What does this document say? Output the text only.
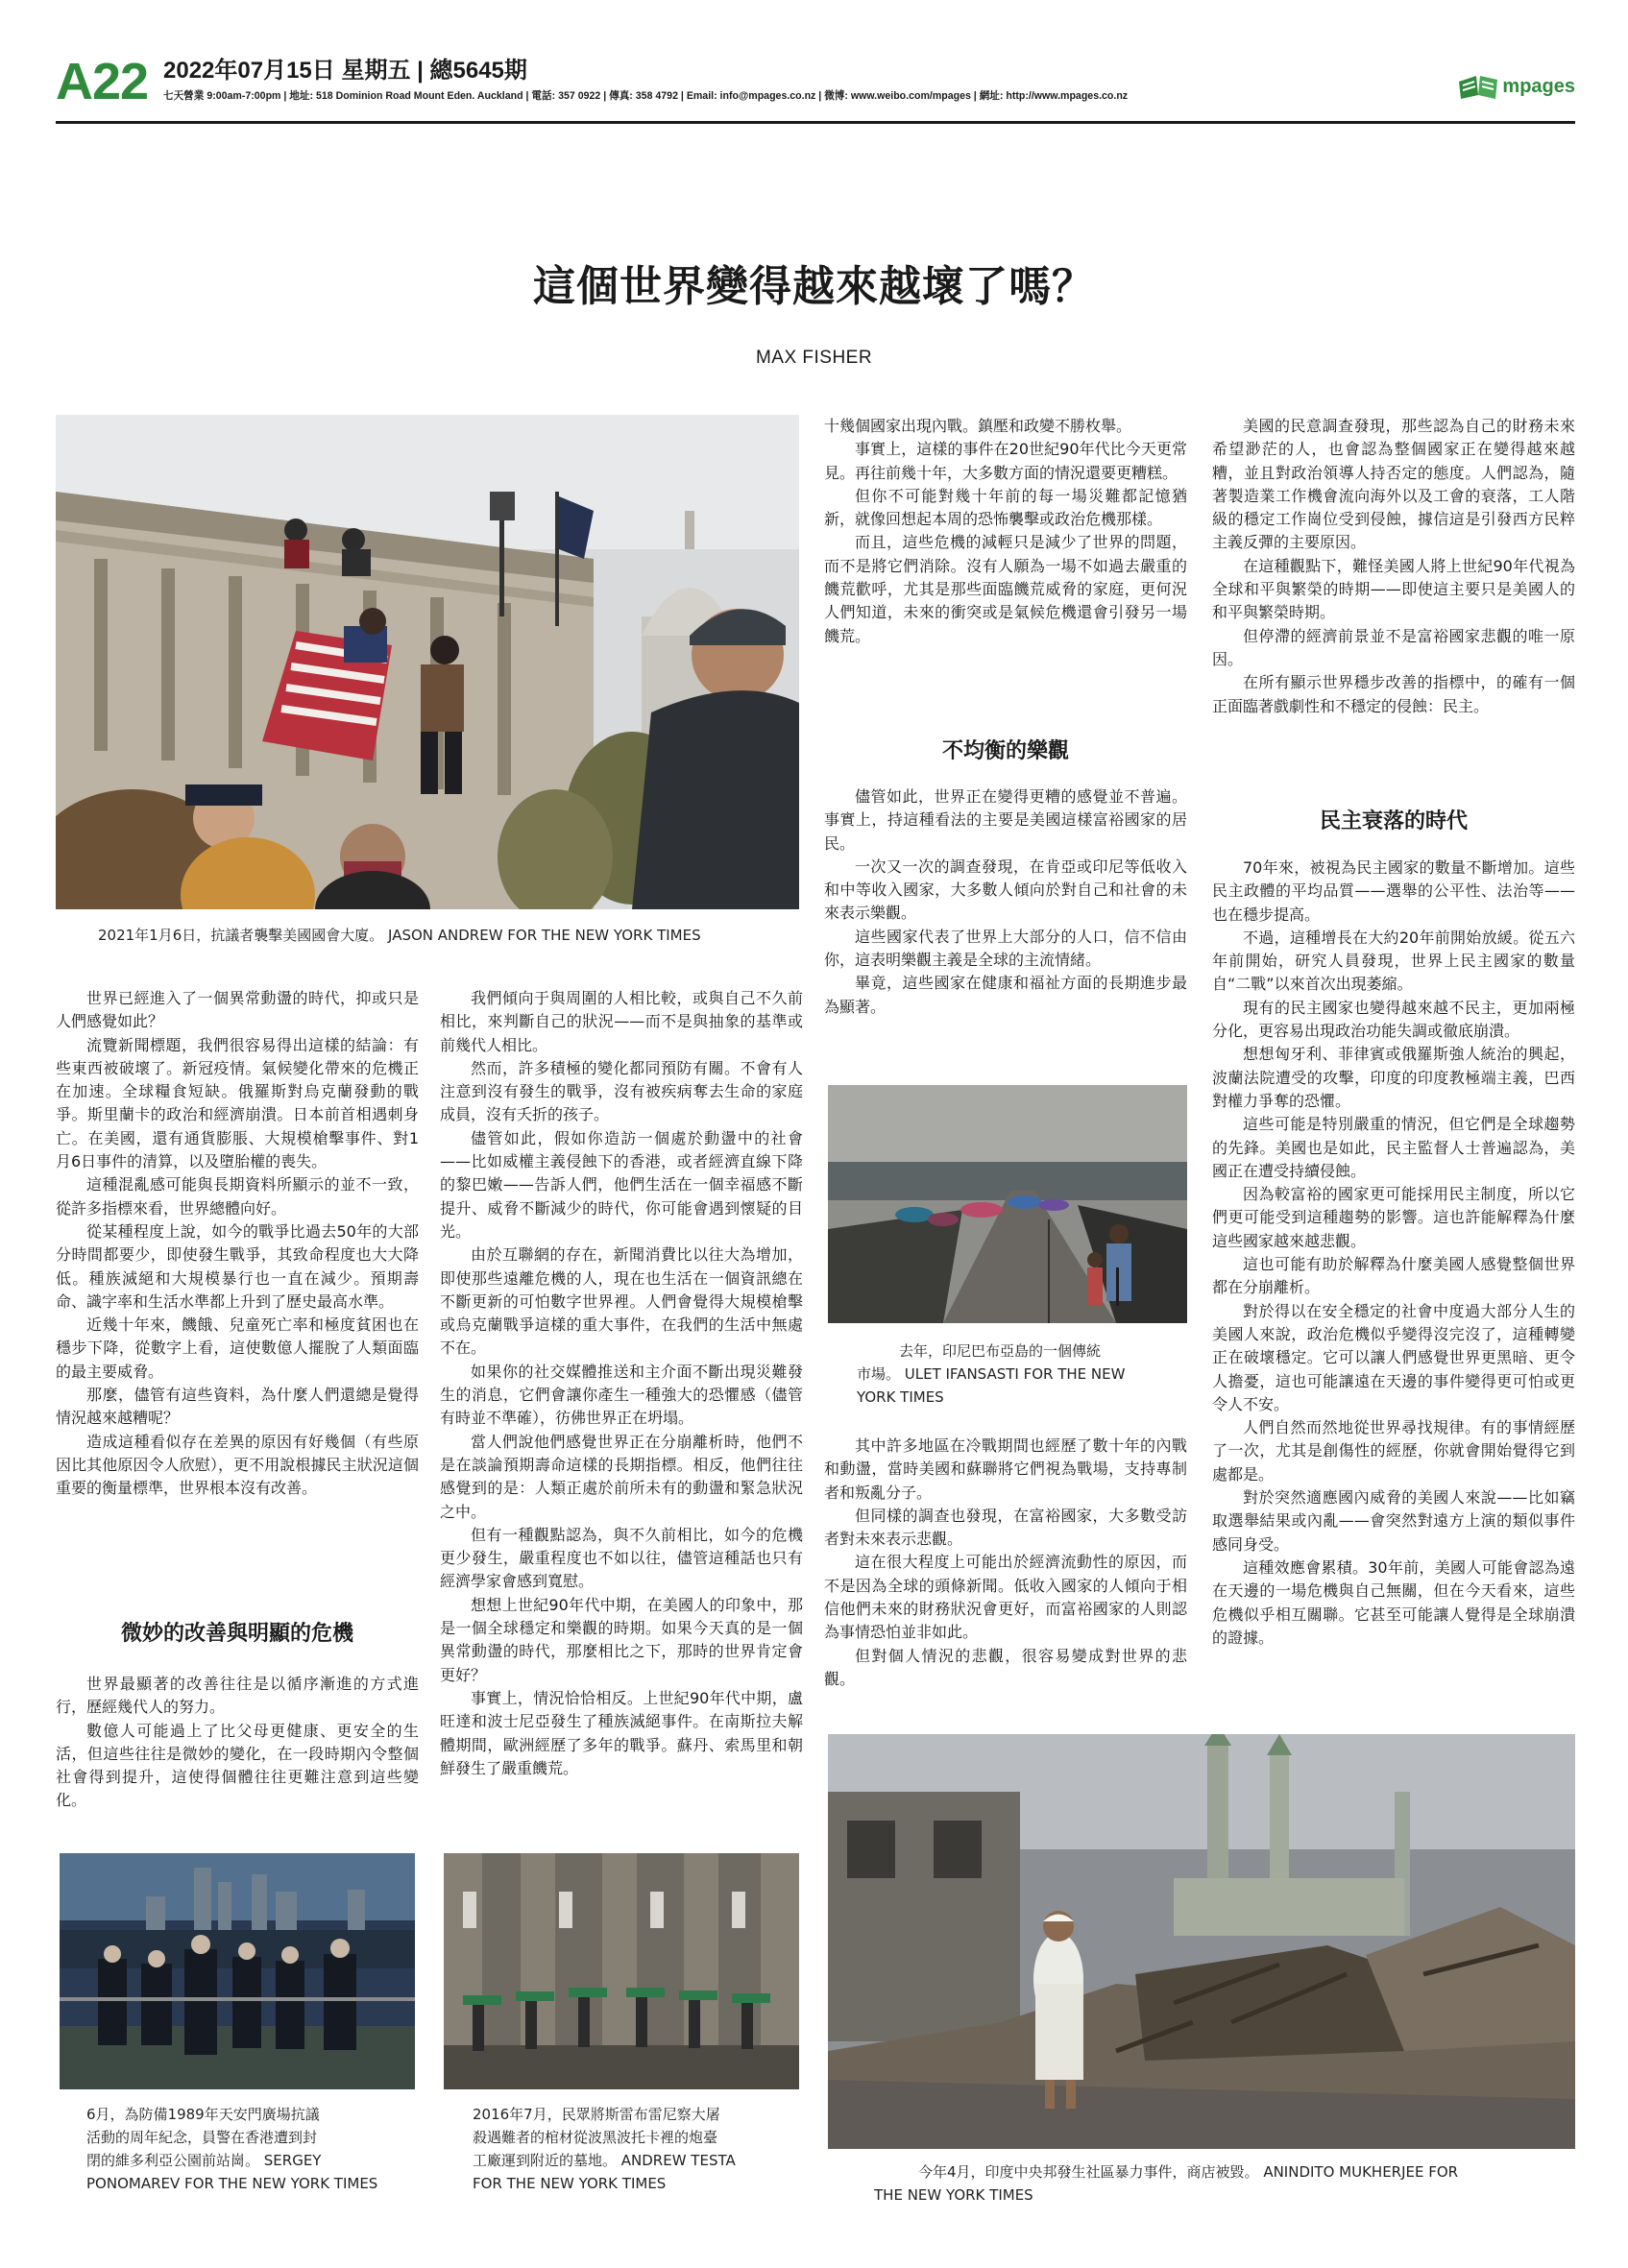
A22 2022年07月15日 星期五 | 總5645期
七天營業 9:00am-7:00pm | 地址: 518 Dominion Road Mount Eden. Auckland | 電話: 357 0922 | 傳真: 358 4792 | Email: info@mpages.co.nz | 微博: www.weibo.com/mpages | 網址: http://www.mpages.co.nz	mpages
這個世界變得越來越壞了嗎？
MAX FISHER
2021年1月6日，抗議者襲擊美國國會大廈。 JASON ANDREW FOR THE NEW YORK TIMES

世界已經進入了一個異常動盪的時代，抑或只是人們感覺如此？

流覽新聞標題，我們很容易得出這樣的結論：有些東西被破壞了。新冠疫情。氣候變化帶來的危機正在加速。全球糧食短缺。俄羅斯對烏克蘭發動的戰爭。斯里蘭卡的政治和經濟崩潰。日本前首相遇刺身亡。在美國，還有通貨膨脹、大規模槍擊事件、對1月6日事件的清算，以及墮胎權的喪失。

這種混亂感可能與長期資料所顯示的並不一致，從許多指標來看，世界總體向好。

從某種程度上說，如今的戰爭比過去50年的大部分時間都要少，即使發生戰爭，其致命程度也大大降低。種族滅絕和大規模暴行也一直在減少。預期壽命、識字率和生活水準都上升到了歷史最高水準。

近幾十年來，饑餓、兒童死亡率和極度貧困也在穩步下降，從數字上看，這使數億人擺脫了人類面臨的最主要威脅。

那麼，儘管有這些資料，為什麼人們還總是覺得情況越來越糟呢？

造成這種看似存在差異的原因有好幾個（有些原因比其他原因令人欣慰），更不用說根據民主狀況這個重要的衡量標準，世界根本沒有改善。

微妙的改善與明顯的危機

世界最顯著的改善往往是以循序漸進的方式進行，歷經幾代人的努力。

數億人可能過上了比父母更健康、更安全的生活，但這些往往是微妙的變化，在一段時期內令整個社會得到提升，這使得個體往往更難注意到這些變化。

我們傾向于與周圍的人相比較，或與自己不久前相比，來判斷自己的狀況——而不是與抽象的基準或前幾代人相比。

然而，許多積極的變化都同預防有關。不會有人注意到沒有發生的戰爭，沒有被疾病奪去生命的家庭成員，沒有夭折的孩子。

儘管如此，假如你造訪一個處於動盪中的社會——比如威權主義侵蝕下的香港，或者經濟直線下降的黎巴嫩——告訴人們，他們生活在一個幸福感不斷提升、威脅不斷減少的時代，你可能會遇到懷疑的目光。

由於互聯網的存在，新聞消費比以往大為增加，即使那些遠離危機的人，現在也生活在一個資訊總在不斷更新的可怕數字世界裡。人們會覺得大規模槍擊或烏克蘭戰爭這樣的重大事件，在我們的生活中無處不在。

如果你的社交媒體推送和主介面不斷出現災難發生的消息，它們會讓你產生一種強大的恐懼感（儘管有時並不準確），彷佛世界正在坍塌。

當人們說他們感覺世界正在分崩離析時，他們不是在談論預期壽命這樣的長期指標。相反，他們往往感覺到的是：人類正處於前所未有的動盪和緊急狀況之中。

但有一種觀點認為，與不久前相比，如今的危機更少發生，嚴重程度也不如以往，儘管這種話也只有經濟學家會感到寬慰。

想想上世紀90年代中期，在美國人的印象中，那是一個全球穩定和樂觀的時期。如果今天真的是一個異常動盪的時代，那麼相比之下，那時的世界肯定會更好？

事實上，情況恰恰相反。上世紀90年代中期，盧旺達和波士尼亞發生了種族滅絕事件。在南斯拉夫解體期間，歐洲經歷了多年的戰爭。蘇丹、索馬里和朝鮮發生了嚴重饑荒。

十幾個國家出現內戰。鎮壓和政變不勝枚舉。

事實上，這樣的事件在20世紀90年代比今天更常見。再往前幾十年，大多數方面的情況還要更糟糕。

但你不可能對幾十年前的每一場災難都記憶猶新，就像回想起本周的恐怖襲擊或政治危機那樣。

而且，這些危機的減輕只是減少了世界的問題，而不是將它們消除。沒有人願為一場不如過去嚴重的饑荒歡呼，尤其是那些面臨饑荒威脅的家庭，更何況人們知道，未來的衝突或是氣候危機還會引發另一場饑荒。

不均衡的樂觀

儘管如此，世界正在變得更糟的感覺並不普遍。事實上，持這種看法的主要是美國這樣富裕國家的居民。

一次又一次的調查發現，在肯亞或印尼等低收入和中等收入國家，大多數人傾向於對自己和社會的未來表示樂觀。

這些國家代表了世界上大部分的人口，信不信由你，這表明樂觀主義是全球的主流情緒。

畢竟，這些國家在健康和福祉方面的長期進步最為顯著。

去年，印尼巴布亞島的一個傳統
市場。 ULET IFANSASTI FOR THE NEW
YORK TIMES

其中許多地區在冷戰期間也經歷了數十年的內戰和動盪，當時美國和蘇聯將它們視為戰場，支持專制者和叛亂分子。

但同樣的調查也發現，在富裕國家，大多數受訪者對未來表示悲觀。

這在很大程度上可能出於經濟流動性的原因，而不是因為全球的頭條新聞。低收入國家的人傾向于相信他們未來的財務狀況會更好，而富裕國家的人則認為事情恐怕並非如此。

但對個人情況的悲觀，很容易變成對世界的悲觀。

美國的民意調查發現，那些認為自己的財務未來希望渺茫的人，也會認為整個國家正在變得越來越糟，並且對政治領導人持否定的態度。人們認為，隨著製造業工作機會流向海外以及工會的衰落，工人階級的穩定工作崗位受到侵蝕，據信這是引發西方民粹主義反彈的主要原因。

在這種觀點下，難怪美國人將上世紀90年代視為全球和平與繁榮的時期——即使這主要只是美國人的和平與繁榮時期。

但停滯的經濟前景並不是富裕國家悲觀的唯一原因。

在所有顯示世界穩步改善的指標中，的確有一個正面臨著戲劇性和不穩定的侵蝕：民主。

民主衰落的時代

70年來，被視為民主國家的數量不斷增加。這些民主政體的平均品質——選舉的公平性、法治等——也在穩步提高。

不過，這種增長在大約20年前開始放緩。從五六年前開始，研究人員發現，世界上民主國家的數量自“二戰”以來首次出現萎縮。

現有的民主國家也變得越來越不民主，更加兩極分化，更容易出現政治功能失調或徹底崩潰。

想想匈牙利、菲律賓或俄羅斯強人統治的興起，波蘭法院遭受的攻擊，印度的印度教極端主義，巴西對權力爭奪的恐懼。

這些可能是特別嚴重的情況，但它們是全球趨勢的先鋒。美國也是如此，民主監督人士普遍認為，美國正在遭受持續侵蝕。

因為較富裕的國家更可能採用民主制度，所以它們更可能受到這種趨勢的影響。這也許能解釋為什麼這些國家越來越悲觀。

這也可能有助於解釋為什麼美國人感覺整個世界都在分崩離析。

對於得以在安全穩定的社會中度過大部分人生的美國人來說，政治危機似乎變得沒完沒了，這種轉變正在破壞穩定。它可以讓人們感覺世界更黑暗、更令人擔憂，這也可能讓遠在天邊的事件變得更可怕或更令人不安。

人們自然而然地從世界尋找規律。有的事情經歷了一次，尤其是創傷性的經歷，你就會開始覺得它到處都是。

對於突然適應國內威脅的美國人來說——比如竊取選舉結果或內亂——會突然對遠方上演的類似事件感同身受。

這種效應會累積。30年前，美國人可能會認為遠在天邊的一場危機與自己無關，但在今天看來，這些危機似乎相互關聯。它甚至可能讓人覺得是全球崩潰的證據。

6月，為防備1989年天安門廣場抗議
活動的周年紀念，員警在香港遭到封
閉的維多利亞公園前站崗。 SERGEY
PONOMAREV FOR THE NEW YORK TIMES
2016年7月，民眾將斯雷布雷尼察大屠
殺遇難者的棺材從波黑波托卡裡的炮臺
工廠運到附近的墓地。 ANDREW TESTA
FOR THE NEW YORK TIMES
今年4月，印度中央邦發生社區暴力事件，商店被毀。 ANINDITO MUKHERJEE FOR
THE NEW YORK TIMES
